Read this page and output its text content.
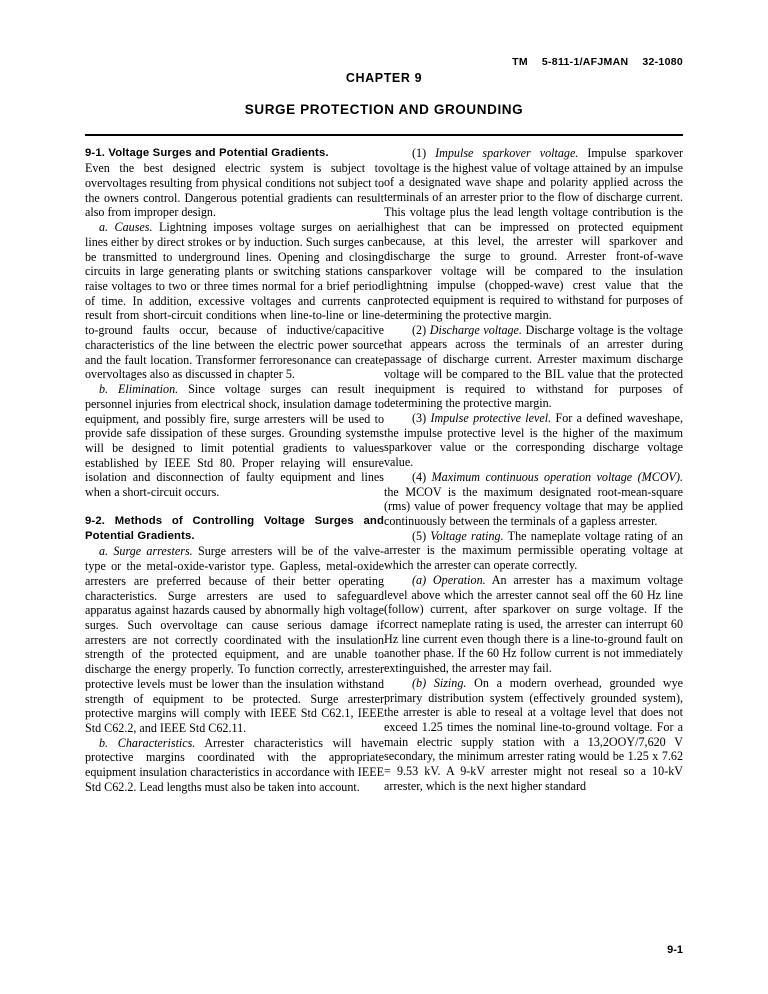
TM 5-811-1/AFJMAN 32-1080

CHAPTER 9
SURGE PROTECTION AND GROUNDING

9-1. Voltage Surges and Potential Gradients.

Even the best designed electric system is subject to overvoltages resulting from physical conditions not subject to the owners control. Dangerous potential gradients can result also from improper design.

a. Causes. Lightning imposes voltage surges on aerial lines either by direct strokes or by induction. Such surges can be transmitted to underground lines. Opening and closing circuits in large generating plants or switching stations can raise voltages to two or three times normal for a brief period of time. In addition, excessive voltages and currents can result from short-circuit conditions when line-to-line or line-to-ground faults occur, because of inductive/capacitive characteristics of the line between the electric power source and the fault location. Transformer ferroresonance can create overvoltages also as discussed in chapter 5.

b. Elimination. Since voltage surges can result in personnel injuries from electrical shock, insulation damage to equipment, and possibly fire, surge arresters will be used to provide safe dissipation of these surges. Grounding systems will be designed to limit potential gradients to values established by IEEE Std 80. Proper relaying will ensure isolation and disconnection of faulty equipment and lines when a short-circuit occurs.

9-2. Methods of Controlling Voltage Surges and Potential Gradients.

a. Surge arresters. Surge arresters will be of the valve-type or the metal-oxide-varistor type. Gapless, metal-oxide arresters are preferred because of their better operating characteristics. Surge arresters are used to safeguard apparatus against hazards caused by abnormally high voltage surges. Such overvoltage can cause serious damage if arresters are not correctly coordinated with the insulation strength of the protected equipment, and are unable to discharge the energy properly. To function correctly, arrester protective levels must be lower than the insulation withstand strength of equipment to be protected. Surge arrester protective margins will comply with IEEE Std C62.1, IEEE Std C62.2, and IEEE Std C62.11.

b. Characteristics. Arrester characteristics will have protective margins coordinated with the appropriate equipment insulation characteristics in accordance with IEEE Std C62.2. Lead lengths must also be taken into account.

(1) Impulse sparkover voltage. Impulse sparkover voltage is the highest value of voltage attained by an impulse of a designated wave shape and polarity applied across the terminals of an arrester prior to the flow of discharge current. This voltage plus the lead length voltage contribution is the highest that can be impressed on protected equipment because, at this level, the arrester will sparkover and discharge the surge to ground. Arrester front-of-wave sparkover voltage will be compared to the insulation lightning impulse (chopped-wave) crest value that the protected equipment is required to withstand for purposes of determining the protective margin.

(2) Discharge voltage. Discharge voltage is the voltage that appears across the terminals of an arrester during passage of discharge current. Arrester maximum discharge voltage will be compared to the BIL value that the protected equipment is required to withstand for purposes of determining the protective margin.

(3) Impulse protective level. For a defined waveshape, the impulse protective level is the higher of the maximum sparkover value or the corresponding discharge voltage value.

(4) Maximum continuous operation voltage (MCOV). the MCOV is the maximum designated root-mean-square (rms) value of power frequency voltage that may be applied continuously between the terminals of a gapless arrester.

(5) Voltage rating. The nameplate voltage rating of an arrester is the maximum permissible operating voltage at which the arrester can operate correctly.

(a) Operation. An arrester has a maximum voltage level above which the arrester cannot seal off the 60 Hz line (follow) current, after sparkover on surge voltage. If the correct nameplate rating is used, the arrester can interrupt 60 Hz line current even though there is a line-to-ground fault on another phase. If the 60 Hz follow current is not immediately extinguished, the arrester may fail.

(b) Sizing. On a modern overhead, grounded wye primary distribution system (effectively grounded system), the arrester is able to reseal at a voltage level that does not exceed 1.25 times the nominal line-to-ground voltage. For a main electric supply station with a 13,2OOY/7,620 V secondary, the minimum arrester rating would be 1.25 x 7.62 = 9.53 kV. A 9-kV arrester might not reseal so a 10-kV arrester, which is the next higher standard

9-1
